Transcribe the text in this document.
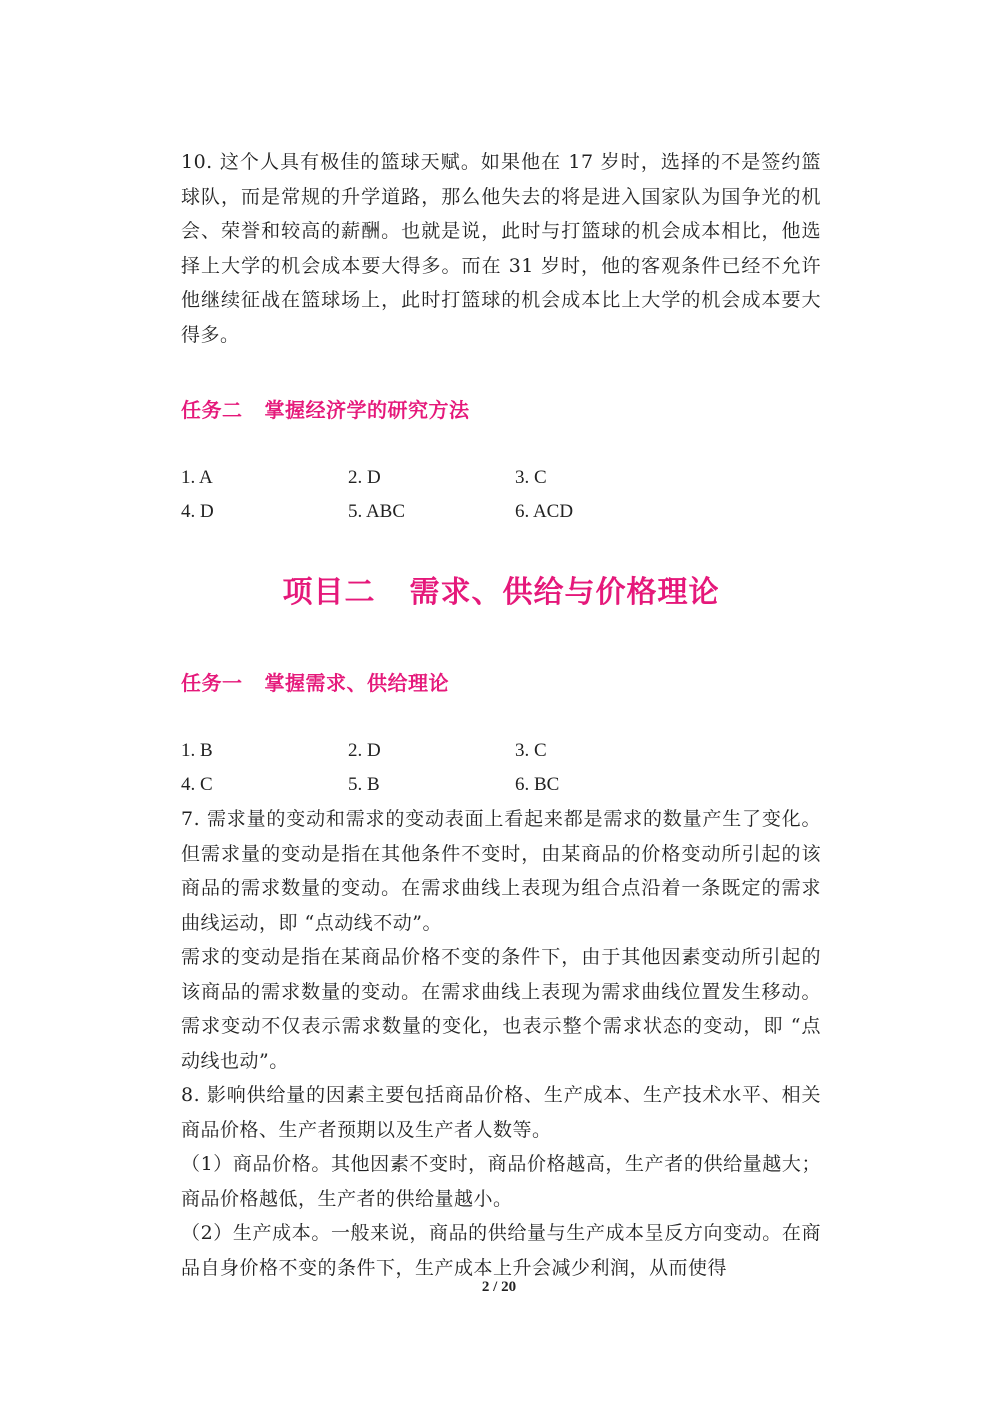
10. 这个人具有极佳的篮球天赋。如果他在 17 岁时，选择的不是签约篮球队，而是常规的升学道路，那么他失去的将是进入国家队为国争光的机会、荣誉和较高的薪酬。也就是说，此时与打篮球的机会成本相比，他选择上大学的机会成本要大得多。而在 31 岁时，他的客观条件已经不允许他继续征战在篮球场上，此时打篮球的机会成本比上大学的机会成本要大得多。

任务二 掌握经济学的研究方法
1. A	2. D	3. C
4. D	5. ABC	6. ACD
项目二 需求、供给与价格理论
任务一 掌握需求、供给理论
1. B	2. D	3. C
4. C	5. B	6. BC

7. 需求量的变动和需求的变动表面上看起来都是需求的数量产生了变化。但需求量的变动是指在其他条件不变时，由某商品的价格变动所引起的该商品的需求数量的变动。在需求曲线上表现为组合点沿着一条既定的需求曲线运动，即 “点动线不动”。

需求的变动是指在某商品价格不变的条件下，由于其他因素变动所引起的该商品的需求数量的变动。在需求曲线上表现为需求曲线位置发生移动。需求变动不仅表示需求数量的变化，也表示整个需求状态的变动，即 “点动线也动”。

8. 影响供给量的因素主要包括商品价格、生产成本、生产技术水平、相关商品价格、生产者预期以及生产者人数等。

（1）商品价格。其他因素不变时，商品价格越高，生产者的供给量越大；商品价格越低，生产者的供给量越小。

（2）生产成本。一般来说，商品的供给量与生产成本呈反方向变动。在商品自身价格不变的条件下，生产成本上升会减少利润，从而使得

2 / 20
